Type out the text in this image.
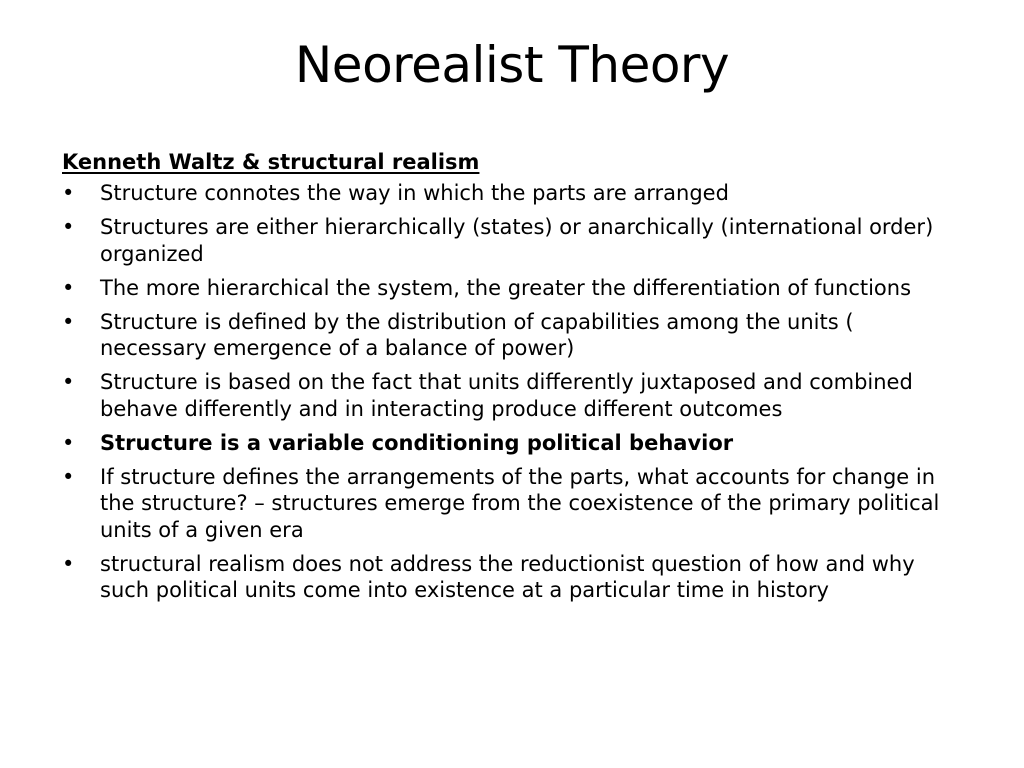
Neorealist Theory

Kenneth Waltz & structural realism

•	Structure connotes the way in which the parts are arranged
•	Structures are either hierarchically (states) or anarchically (international order) organized
•	The more hierarchical the system, the greater the differentiation of functions
•	Structure is defined by the distribution of capabilities among the units ( necessary emergence of a balance of power)
•	Structure is based on the fact that units differently juxtaposed and combined behave differently and in interacting produce different outcomes
•	Structure is a variable conditioning political behavior
•	If structure defines the arrangements of the parts, what accounts for change in the structure? – structures emerge from the coexistence of the primary political units of a given era
•	structural realism does not address the reductionist question of how and why such political units come into existence at a particular time in history
